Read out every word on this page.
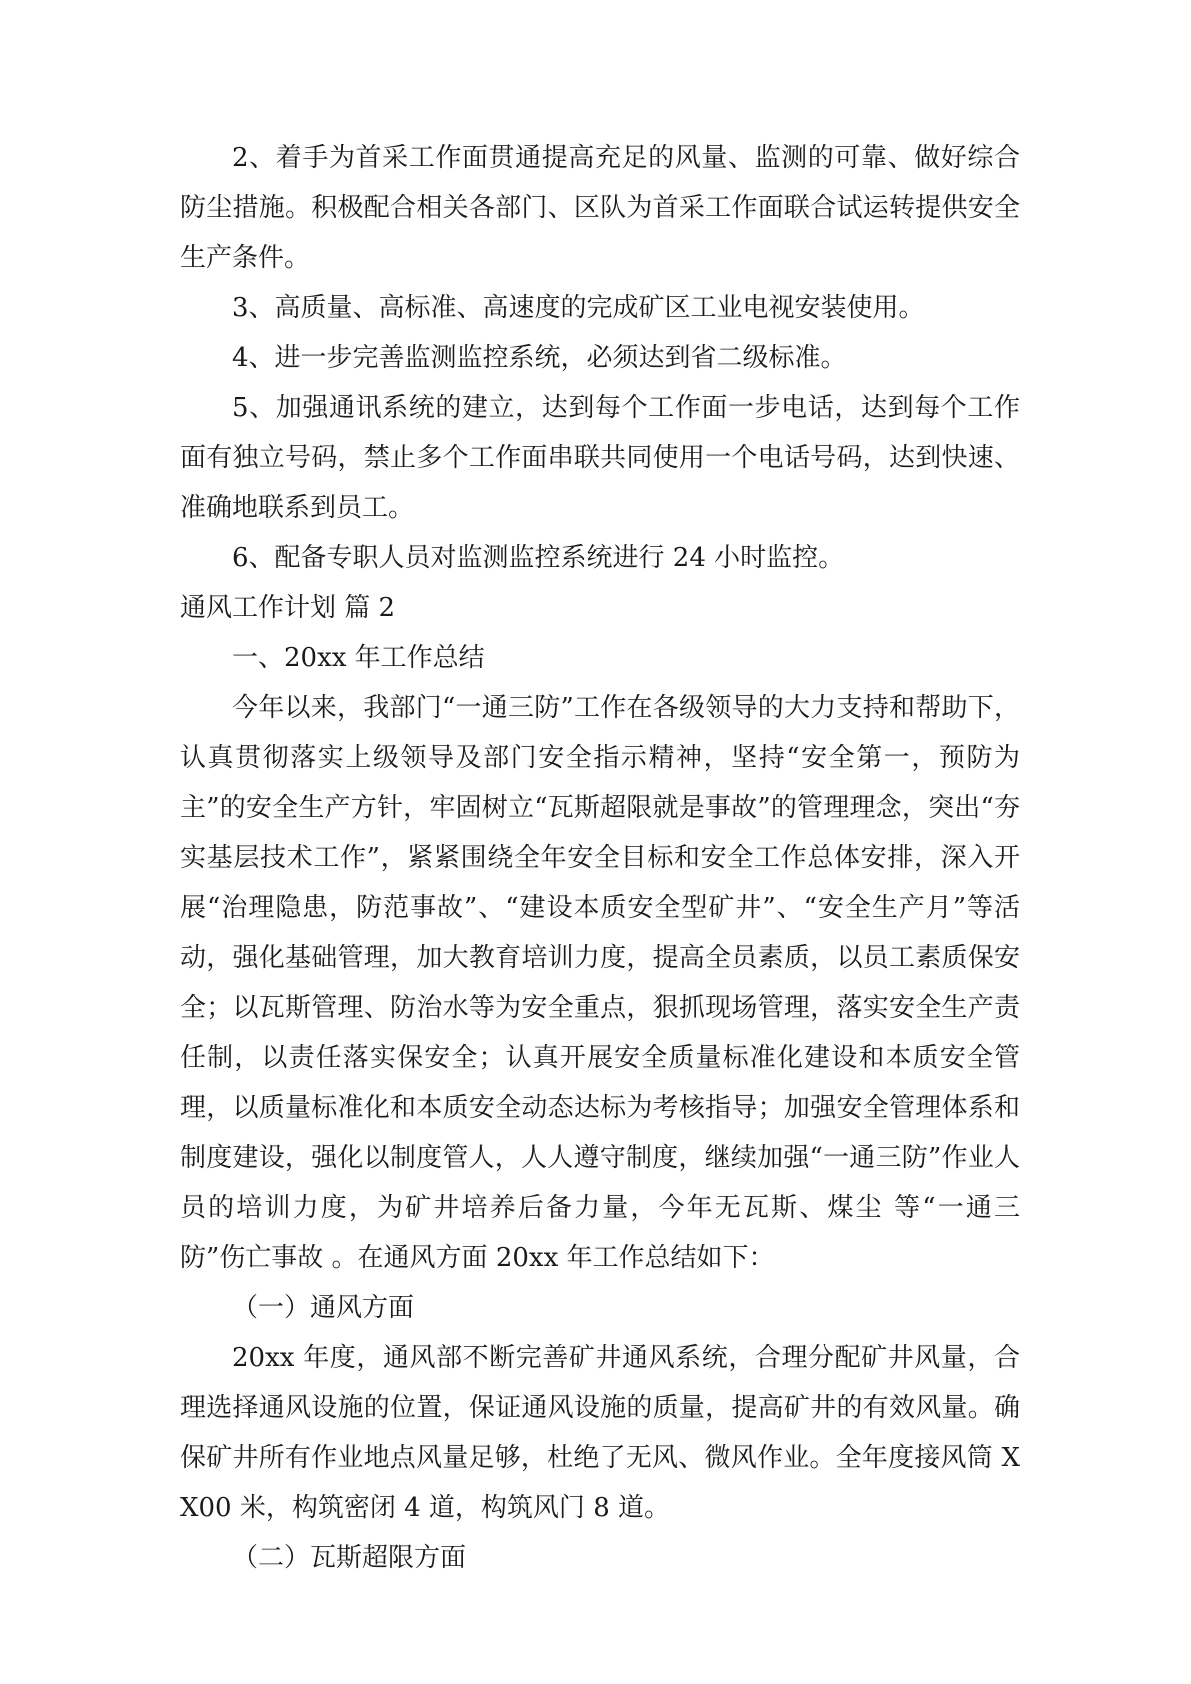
2、着手为首采工作面贯通提高充足的风量、监测的可靠、做好综合防尘措施。积极配合相关各部门、区队为首采工作面联合试运转提供安全生产条件。

3、高质量、高标准、高速度的完成矿区工业电视安装使用。

4、进一步完善监测监控系统，必须达到省二级标准。

5、加强通讯系统的建立，达到每个工作面一步电话，达到每个工作面有独立号码，禁止多个工作面串联共同使用一个电话号码，达到快速、准确地联系到员工。

6、配备专职人员对监测监控系统进行 24 小时监控。

通风工作计划 篇 2

一、20xx 年工作总结

今年以来，我部门“一通三防”工作在各级领导的大力支持和帮助下，认真贯彻落实上级领导及部门安全指示精神，坚持“安全第一，预防为主”的安全生产方针，牢固树立“瓦斯超限就是事故”的管理理念，突出“夯实基层技术工作”，紧紧围绕全年安全目标和安全工作总体安排，深入开展“治理隐患，防范事故”、“建设本质安全型矿井”、“安全生产月”等活动，强化基础管理，加大教育培训力度，提高全员素质，以员工素质保安全；以瓦斯管理、防治水等为安全重点，狠抓现场管理，落实安全生产责任制，以责任落实保安全；认真开展安全质量标准化建设和本质安全管理，以质量标准化和本质安全动态达标为考核指导；加强安全管理体系和制度建设，强化以制度管人，人人遵守制度，继续加强“一通三防”作业人员的培训力度，为矿井培养后备力量，今年无瓦斯、煤尘 等“一通三防”伤亡事故 。在通风方面 20xx 年工作总结如下：

（一）通风方面

20xx 年度，通风部不断完善矿井通风系统，合理分配矿井风量，合理选择通风设施的位置，保证通风设施的质量，提高矿井的有效风量。确保矿井所有作业地点风量足够，杜绝了无风、微风作业。全年度接风筒 XX00 米，构筑密闭 4 道，构筑风门 8 道。

（二）瓦斯超限方面
